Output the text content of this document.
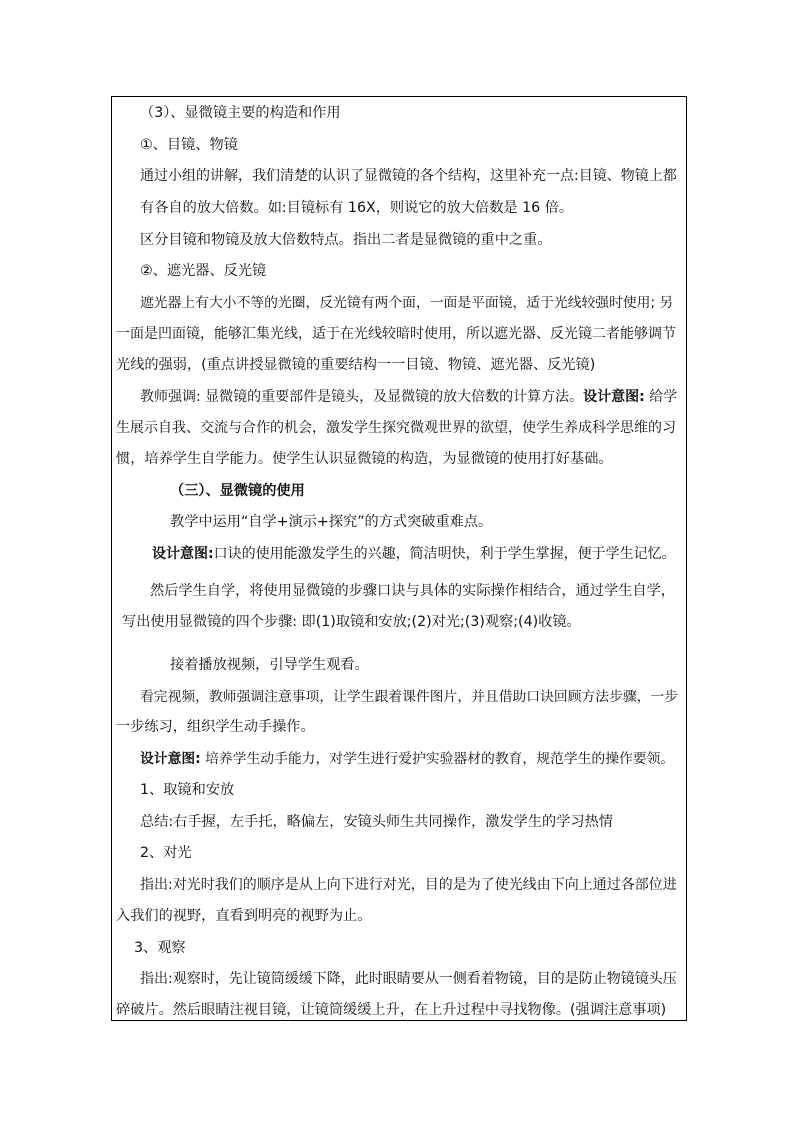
（3）、显微镜主要的构造和作用
①、目镜、物镜
通过小组的讲解，我们清楚的认识了显微镜的各个结构，这里补充一点:目镜、物镜上都
有各自的放大倍数。如:目镜标有 16X，则说它的放大倍数是 16 倍。
区分目镜和物镜及放大倍数特点。指出二者是显微镜的重中之重。
②、遮光器、反光镜
遮光器上有大小不等的光圈，反光镜有两个面，一面是平面镜，适于光线较强时使用; 另
一面是凹面镜，能够汇集光线，适于在光线较暗时使用，所以遮光器、反光镜二者能够调节
光线的强弱，(重点讲授显微镜的重要结构一一目镜、物镜、遮光器、反光镜)
教师强调: 显微镜的重要部件是镜头，及显微镜的放大倍数的计算方法。设计意图: 给学
生展示自我、交流与合作的机会，激发学生探究微观世界的欲望，使学生养成科学思维的习
惯，培养学生自学能力。使学生认识显微镜的构造，为显微镜的使用打好基础。
（三）、显微镜的使用
教学中运用“自学+演示+探究”的方式突破重难点。
设计意图:口诀的使用能激发学生的兴趣，简洁明快，利于学生掌握，便于学生记忆。
然后学生自学，将使用显微镜的步骤口诀与具体的实际操作相结合，通过学生自学，
写出使用显微镜的四个步骤: 即(1)取镜和安放;(2)对光;(3)观察;(4)收镜。
接着播放视频，引导学生观看。
看完视频，教师强调注意事项，让学生跟着课件图片，并且借助口诀回顾方法步骤，一步
一步练习，组织学生动手操作。
设计意图: 培养学生动手能力，对学生进行爱护实验器材的教育，规范学生的操作要领。
1、取镜和安放
总结:右手握，左手托，略偏左，安镜头师生共同操作，激发学生的学习热情
2、对光
指出:对光时我们的顺序是从上向下进行对光，目的是为了使光线由下向上通过各部位进
入我们的视野，直看到明亮的视野为止。
3、观察
指出:观察时，先让镜筒缓缓下降，此时眼睛要从一侧看着物镜，目的是防止物镜镜头压
碎破片。然后眼睛注视目镜，让镜筒缓缓上升，在上升过程中寻找物像。(强调注意事项)
